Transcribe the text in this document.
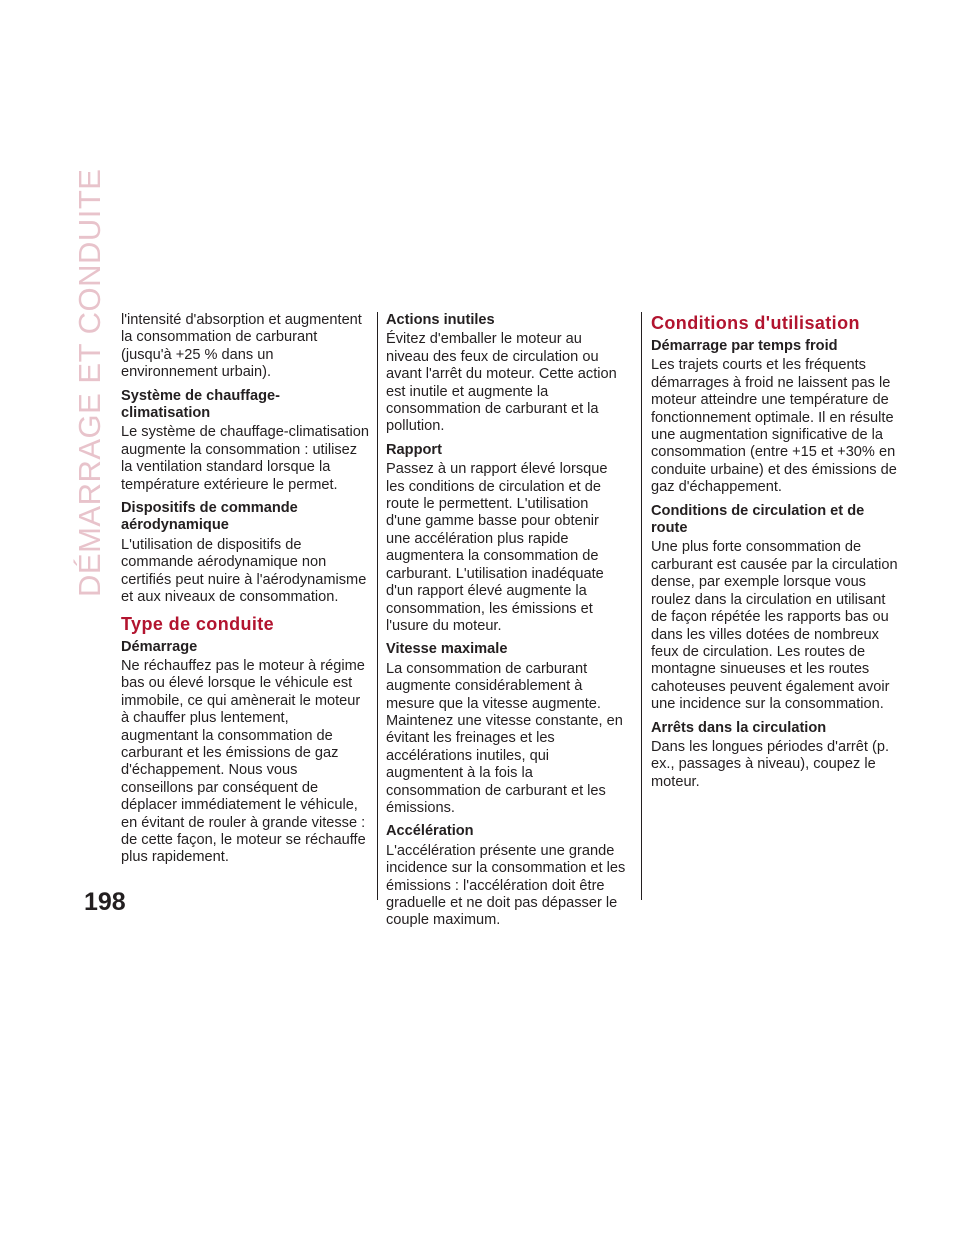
DÉMARRAGE ET CONDUITE
198

l'intensité d'absorption et augmentent la consommation de carburant (jusqu'à +25 % dans un environnement urbain).

Système de chauffage-climatisation

Le système de chauffage-climatisation augmente la consommation : utilisez la ventilation standard lorsque la température extérieure le permet.

Dispositifs de commande aérodynamique

L'utilisation de dispositifs de commande aérodynamique non certifiés peut nuire à l'aérodynamisme et aux niveaux de consommation.

Type de conduite
Démarrage

Ne réchauffez pas le moteur à régime bas ou élevé lorsque le véhicule est immobile, ce qui amènerait le moteur à chauffer plus lentement, augmentant la consommation de carburant et les émissions de gaz d'échappement. Nous vous conseillons par conséquent de déplacer immédiatement le véhicule, en évitant de rouler à grande vitesse : de cette façon, le moteur se réchauffe plus rapidement.

Actions inutiles

Évitez d'emballer le moteur au niveau des feux de circulation ou avant l'arrêt du moteur. Cette action est inutile et augmente la consommation de carburant et la pollution.

Rapport

Passez à un rapport élevé lorsque les conditions de circulation et de route le permettent. L'utilisation d'une gamme basse pour obtenir une accélération plus rapide augmentera la consommation de carburant. L'utilisation inadéquate d'un rapport élevé augmente la consommation, les émissions et l'usure du moteur.

Vitesse maximale

La consommation de carburant augmente considérablement à mesure que la vitesse augmente. Maintenez une vitesse constante, en évitant les freinages et les accélérations inutiles, qui augmentent à la fois la consommation de carburant et les émissions.

Accélération

L'accélération présente une grande incidence sur la consommation et les émissions : l'accélération doit être graduelle et ne doit pas dépasser le couple maximum.

Conditions d'utilisation
Démarrage par temps froid

Les trajets courts et les fréquents démarrages à froid ne laissent pas le moteur atteindre une température de fonctionnement optimale. Il en résulte une augmentation significative de la consommation (entre +15 et +30% en conduite urbaine) et des émissions de gaz d'échappement.

Conditions de circulation et de route

Une plus forte consommation de carburant est causée par la circulation dense, par exemple lorsque vous roulez dans la circulation en utilisant de façon répétée les rapports bas ou dans les villes dotées de nombreux feux de circulation. Les routes de montagne sinueuses et les routes cahoteuses peuvent également avoir une incidence sur la consommation.

Arrêts dans la circulation

Dans les longues périodes d'arrêt (p. ex., passages à niveau), coupez le moteur.
